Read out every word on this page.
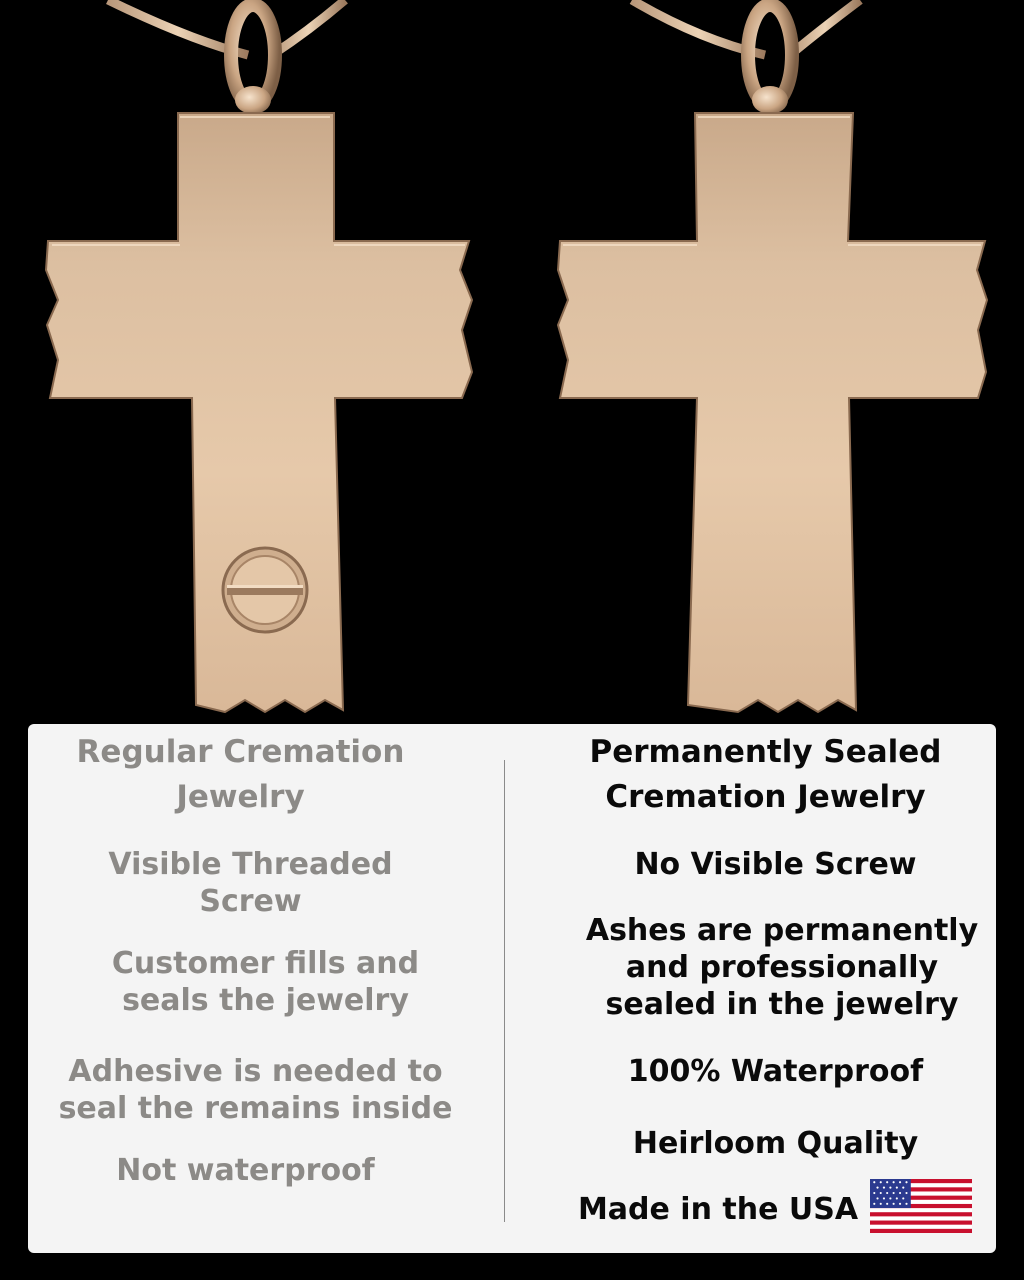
Regular Cremation
Jewelry
Visible Threaded
Screw
Customer fills and
seals the jewelry
Adhesive is needed to
seal the remains inside
Not waterproof
Permanently Sealed
Cremation Jewelry
No Visible Screw
Ashes are permanently
and professionally
sealed in the jewelry
100% Waterproof
Heirloom Quality
Made in the USA
